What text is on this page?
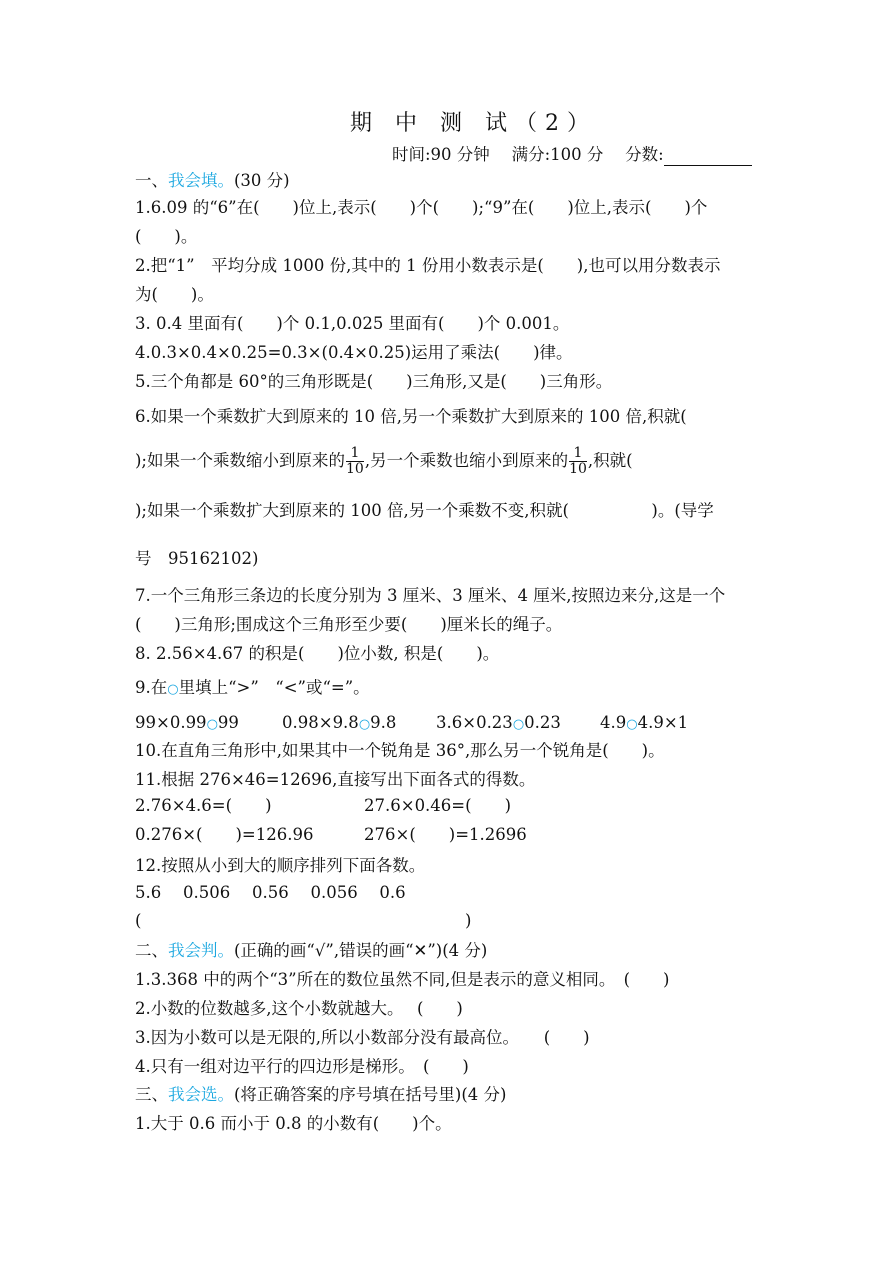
期 中 测 试（2）
时间:90 分钟　 满分:100 分　 分数:
一、我会填。(30 分)
1.6.09 的“6”在(　　)位上,表示(　　)个(　　);“9”在(　　)位上,表示(　　)个
(　　)。
2.把“1”　平均分成 1000 份,其中的 1 份用小数表示是(　　),也可以用分数表示
为(　　)。
3. 0.4 里面有(　　)个 0.1,0.025 里面有(　　)个 0.001。
4.0.3×0.4×0.25=0.3×(0.4×0.25)运用了乘法(　　)律。
5.三个角都是 60°的三角形既是(　　)三角形,又是(　　)三角形。
6.如果一个乘数扩大到原来的 10 倍,另一个乘数扩大到原来的 100 倍,积就(
);如果一个乘数缩小到原来的 $\frac{1}{10}$ ,另一个乘数也缩小到原来的 $\frac{1}{10}$ ,积就(
);如果一个乘数扩大到原来的 100 倍,另一个乘数不变,积就(　　　　　)。(导学
号　95162102)
7.一个三角形三条边的长度分别为 3 厘米、3 厘米、4 厘米,按照边来分,这是一个
(　　)三角形;围成这个三角形至少要(　　)厘米长的绳子。
8. 2.56×4.67 的积是(　　)位小数, 积是(　　)。
9.在○里填上“>”　“<”或“=”。
99×0.99○99	0.98×9.8○9.8 3.6×0.23○0.23 4.9○4.9×1
10.在直角三角形中,如果其中一个锐角是 36°,那么另一个锐角是(　　)。
11.根据 276×46=12696,直接写出下面各式的得数。
2.76×4.6=(　　)	27.6×0.46=(　　)
0.276×(　　)=126.96	276×(　　)=1.2696
12.按照从小到大的顺序排列下面各数。
5.6　 0.506　 0.56　 0.056　 0.6
(	)
二、我会判。(正确的画“√”,错误的画“✕”)(4 分)
1.3.368 中的两个“3”所在的数位虽然不同,但是表示的意义相同。　(　　)
2.小数的位数越多,这个小数就越大。　 (　　)
3.因为小数可以是无限的,所以小数部分没有最高位。　　(　　)
4.只有一组对边平行的四边形是梯形。　(　　)
三、我会选。(将正确答案的序号填在括号里)(4 分)
1.大于 0.6 而小于 0.8 的小数有(　　)个。
